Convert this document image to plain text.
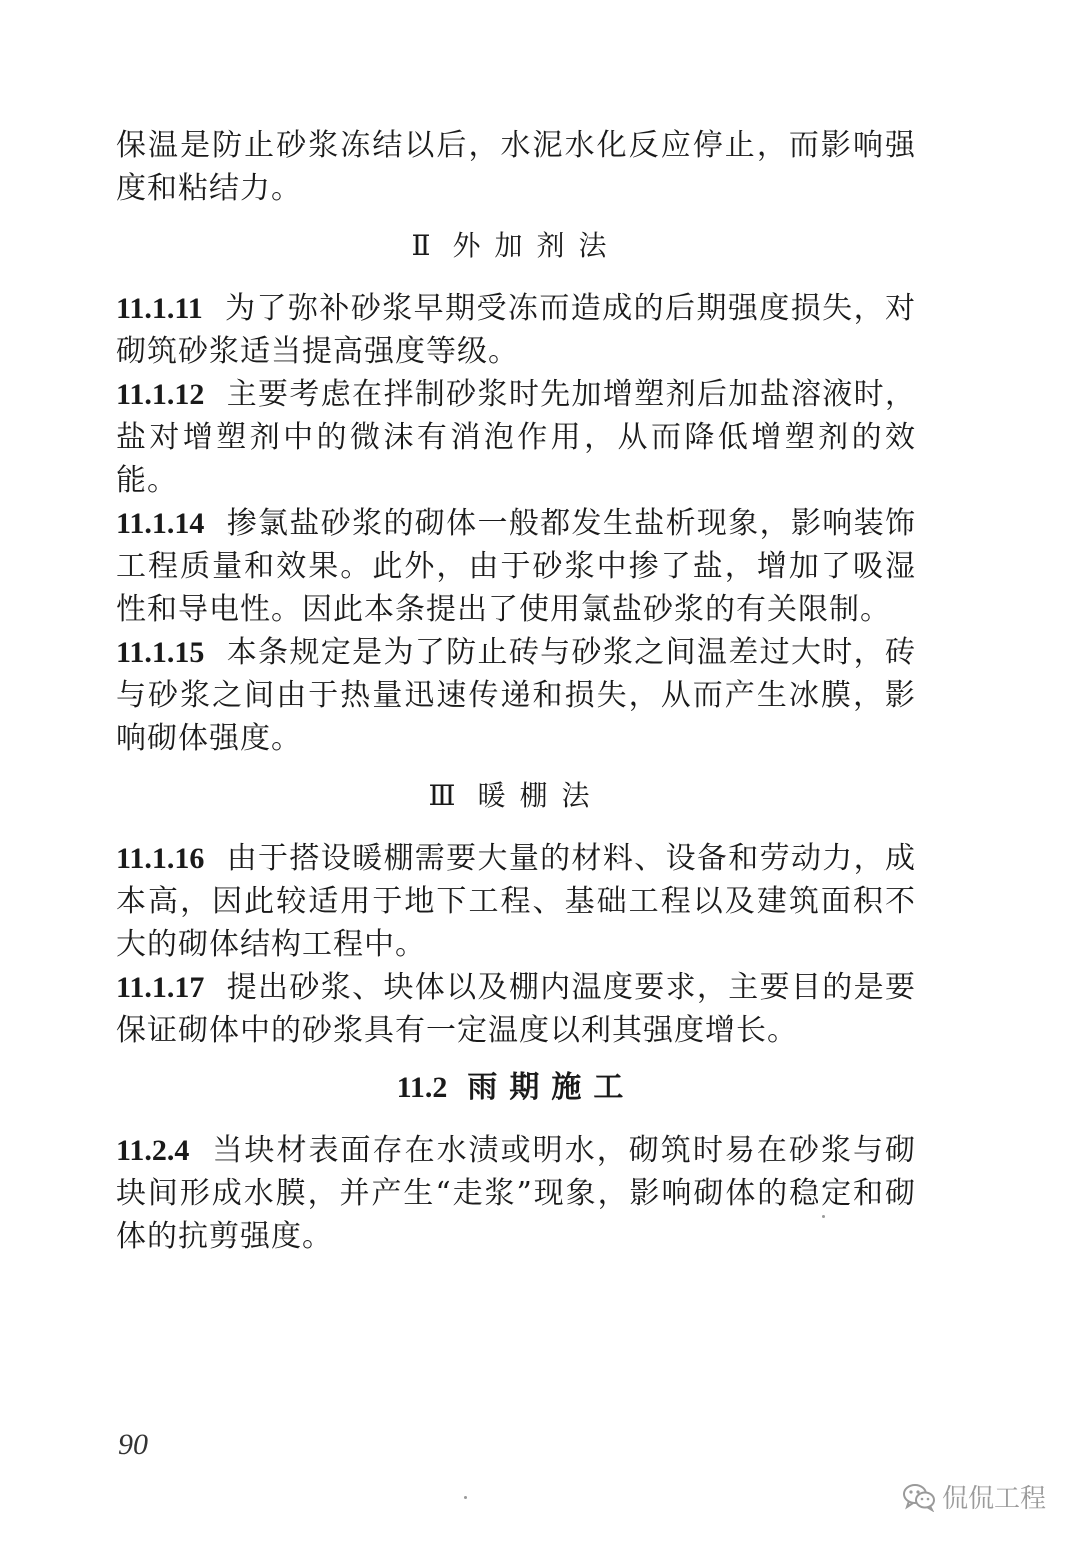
保温是防止砂浆冻结以后，水泥水化反应停止，而影响强度和粘结力。

Ⅱ 外加剂法

11.1.11 为了弥补砂浆早期受冻而造成的后期强度损失，对砌筑砂浆适当提高强度等级。

11.1.12 主要考虑在拌制砂浆时先加增塑剂后加盐溶液时，盐对增塑剂中的微沫有消泡作用，从而降低增塑剂的效能。

11.1.14 掺氯盐砂浆的砌体一般都发生盐析现象，影响装饰工程质量和效果。此外，由于砂浆中掺了盐，增加了吸湿性和导电性。因此本条提出了使用氯盐砂浆的有关限制。

11.1.15 本条规定是为了防止砖与砂浆之间温差过大时，砖与砂浆之间由于热量迅速传递和损失，从而产生冰膜，影响砌体强度。

Ⅲ 暖棚法

11.1.16 由于搭设暖棚需要大量的材料、设备和劳动力，成本高，因此较适用于地下工程、基础工程以及建筑面积不大的砌体结构工程中。

11.1.17 提出砂浆、块体以及棚内温度要求，主要目的是要保证砌体中的砂浆具有一定温度以利其强度增长。

11.2 雨期施工

11.2.4 当块材表面存在水渍或明水，砌筑时易在砂浆与砌块间形成水膜，并产生“走浆”现象，影响砌体的稳定和砌体的抗剪强度。

90
侃侃工程
